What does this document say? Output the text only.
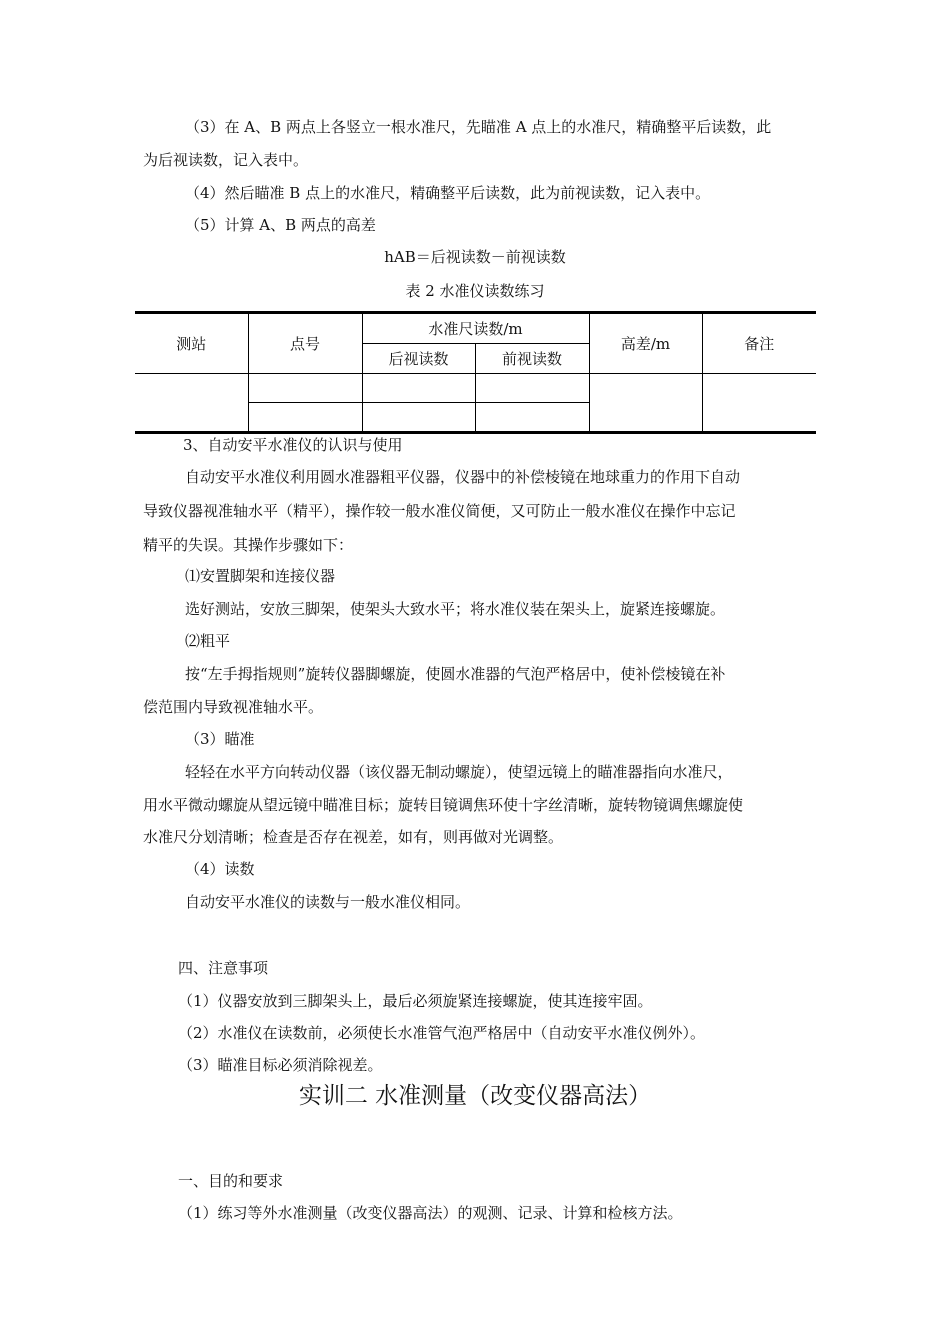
（3）在 A、B 两点上各竖立一根水准尺，先瞄准 A 点上的水准尺，精确整平后读数，此
为后视读数，记入表中。
（4）然后瞄准 B 点上的水准尺，精确整平后读数，此为前视读数，记入表中。
（5）计算 A、B 两点的高差
hAB＝后视读数－前视读数
表 2 水准仪读数练习
测站	点号	水准尺读数/m		高差/m	备注
		后视读数	前视读数		

3、自动安平水准仪的认识与使用
自动安平水准仪利用圆水准器粗平仪器，仪器中的补偿棱镜在地球重力的作用下自动
导致仪器视准轴水平（精平），操作较一般水准仪简便，又可防止一般水准仪在操作中忘记
精平的失误。其操作步骤如下：
⑴安置脚架和连接仪器
选好测站，安放三脚架，使架头大致水平；将水准仪装在架头上，旋紧连接螺旋。
⑵粗平
按“左手拇指规则”旋转仪器脚螺旋，使圆水准器的气泡严格居中，使补偿棱镜在补
偿范围内导致视准轴水平。
（3）瞄准
轻轻在水平方向转动仪器（该仪器无制动螺旋），使望远镜上的瞄准器指向水准尺，
用水平微动螺旋从望远镜中瞄准目标；旋转目镜调焦环使十字丝清晰，旋转物镜调焦螺旋使
水准尺分划清晰；检查是否存在视差，如有，则再做对光调整。
（4）读数
自动安平水准仪的读数与一般水准仪相同。
四、注意事项
（1）仪器安放到三脚架头上，最后必须旋紧连接螺旋，使其连接牢固。
（2）水准仪在读数前，必须使长水准管气泡严格居中（自动安平水准仪例外）。
（3）瞄准目标必须消除视差。
实训二 水准测量（改变仪器高法）
一、目的和要求
（1）练习等外水准测量（改变仪器高法）的观测、记录、计算和检核方法。
